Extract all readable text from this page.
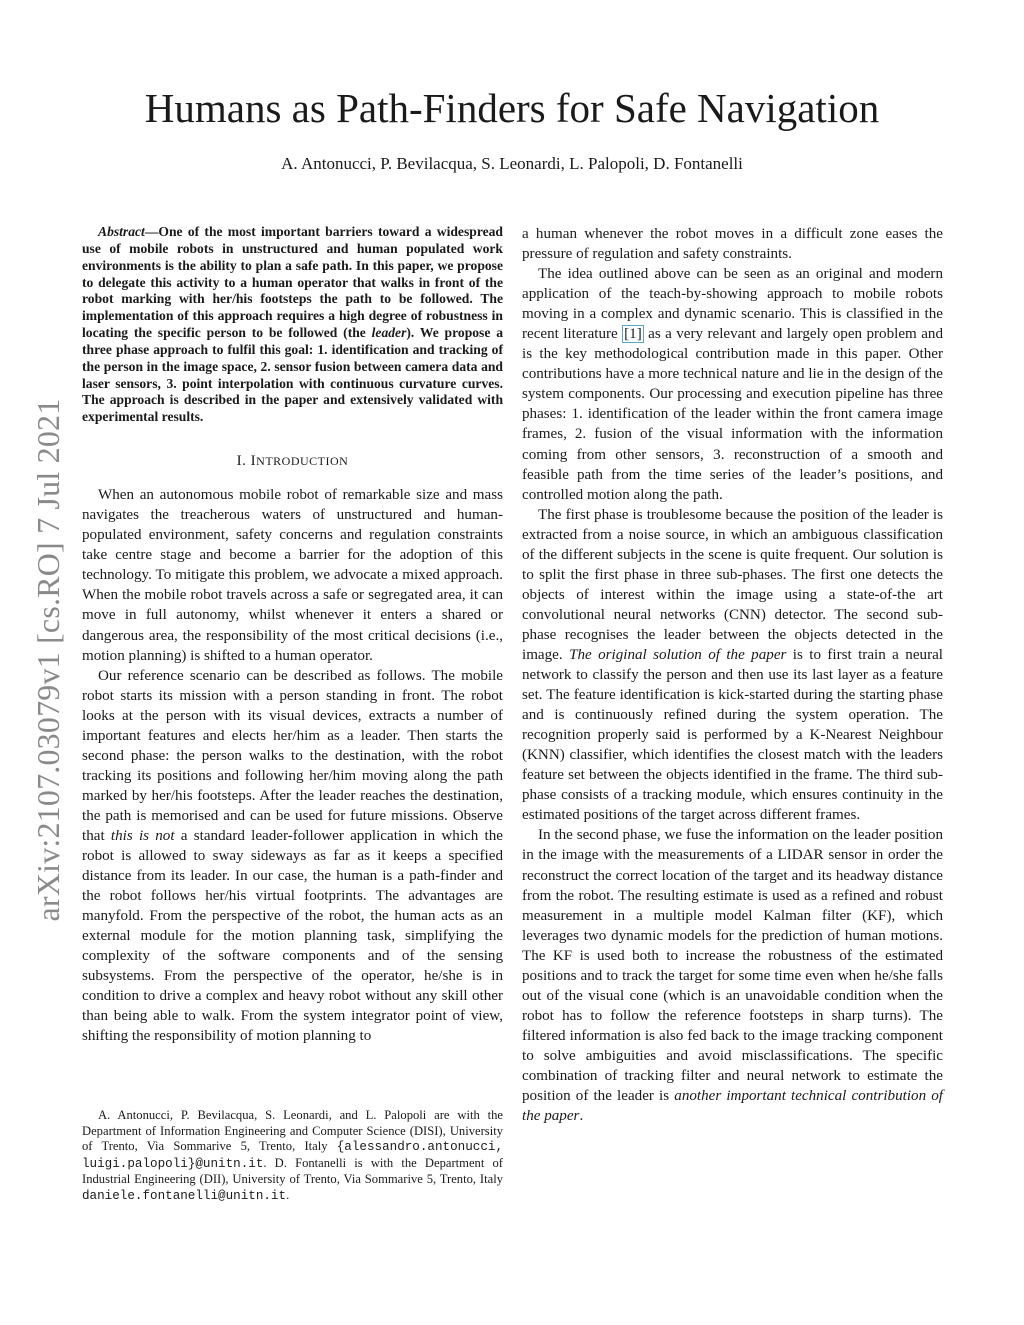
Humans as Path-Finders for Safe Navigation
A. Antonucci, P. Bevilacqua, S. Leonardi, L. Palopoli, D. Fontanelli
arXiv:2107.03079v1 [cs.RO] 7 Jul 2021

Abstract—One of the most important barriers toward a widespread use of mobile robots in unstructured and human populated work environments is the ability to plan a safe path. In this paper, we propose to delegate this activity to a human operator that walks in front of the robot marking with her/his footsteps the path to be followed. The implementation of this approach requires a high degree of robustness in locating the specific person to be followed (the leader). We propose a three phase approach to fulfil this goal: 1. identification and tracking of the person in the image space, 2. sensor fusion between camera data and laser sensors, 3. point interpolation with continuous curvature curves. The approach is described in the paper and extensively validated with experimental results.

I. INTRODUCTION

When an autonomous mobile robot of remarkable size and mass navigates the treacherous waters of unstructured and human-populated environment, safety concerns and regulation constraints take centre stage and become a barrier for the adoption of this technology. To mitigate this problem, we advocate a mixed approach. When the mobile robot travels across a safe or segregated area, it can move in full autonomy, whilst whenever it enters a shared or dangerous area, the responsibility of the most critical decisions (i.e., motion planning) is shifted to a human operator.

Our reference scenario can be described as follows. The mobile robot starts its mission with a person standing in front. The robot looks at the person with its visual devices, extracts a number of important features and elects her/him as a leader. Then starts the second phase: the person walks to the destination, with the robot tracking its positions and following her/him moving along the path marked by her/his footsteps. After the leader reaches the destination, the path is memorised and can be used for future missions. Observe that this is not a standard leader-follower application in which the robot is allowed to sway sideways as far as it keeps a specified distance from its leader. In our case, the human is a path-finder and the robot follows her/his virtual footprints. The advantages are manyfold. From the perspective of the robot, the human acts as an external module for the motion planning task, simplifying the complexity of the software components and of the sensing subsystems. From the perspective of the operator, he/she is in condition to drive a complex and heavy robot without any skill other than being able to walk. From the system integrator point of view, shifting the responsibility of motion planning to

A. Antonucci, P. Bevilacqua, S. Leonardi, and L. Palopoli are with the Department of Information Engineering and Computer Science (DISI), University of Trento, Via Sommarive 5, Trento, Italy {alessandro.antonucci, luigi.palopoli}@unitn.it. D. Fontanelli is with the Department of Industrial Engineering (DII), University of Trento, Via Sommarive 5, Trento, Italy daniele.fontanelli@unitn.it.

a human whenever the robot moves in a difficult zone eases the pressure of regulation and safety constraints.

The idea outlined above can be seen as an original and modern application of the teach-by-showing approach to mobile robots moving in a complex and dynamic scenario. This is classified in the recent literature [1] as a very relevant and largely open problem and is the key methodological contribution made in this paper. Other contributions have a more technical nature and lie in the design of the system components. Our processing and execution pipeline has three phases: 1. identification of the leader within the front camera image frames, 2. fusion of the visual information with the information coming from other sensors, 3. reconstruction of a smooth and feasible path from the time series of the leader’s positions, and controlled motion along the path.

The first phase is troublesome because the position of the leader is extracted from a noise source, in which an ambiguous classification of the different subjects in the scene is quite frequent. Our solution is to split the first phase in three sub-phases. The first one detects the objects of interest within the image using a state-of-the art convolutional neural networks (CNN) detector. The second sub-phase recognises the leader between the objects detected in the image. The original solution of the paper is to first train a neural network to classify the person and then use its last layer as a feature set. The feature identification is kick-started during the starting phase and is continuously refined during the system operation. The recognition properly said is performed by a K-Nearest Neighbour (KNN) classifier, which identifies the closest match with the leaders feature set between the objects identified in the frame. The third sub-phase consists of a tracking module, which ensures continuity in the estimated positions of the target across different frames.

In the second phase, we fuse the information on the leader position in the image with the measurements of a LIDAR sensor in order the reconstruct the correct location of the target and its headway distance from the robot. The resulting estimate is used as a refined and robust measurement in a multiple model Kalman filter (KF), which leverages two dynamic models for the prediction of human motions. The KF is used both to increase the robustness of the estimated positions and to track the target for some time even when he/she falls out of the visual cone (which is an unavoidable condition when the robot has to follow the reference footsteps in sharp turns). The filtered information is also fed back to the image tracking component to solve ambiguities and avoid misclassifications. The specific combination of tracking filter and neural network to estimate the position of the leader is another important technical contribution of the paper.
